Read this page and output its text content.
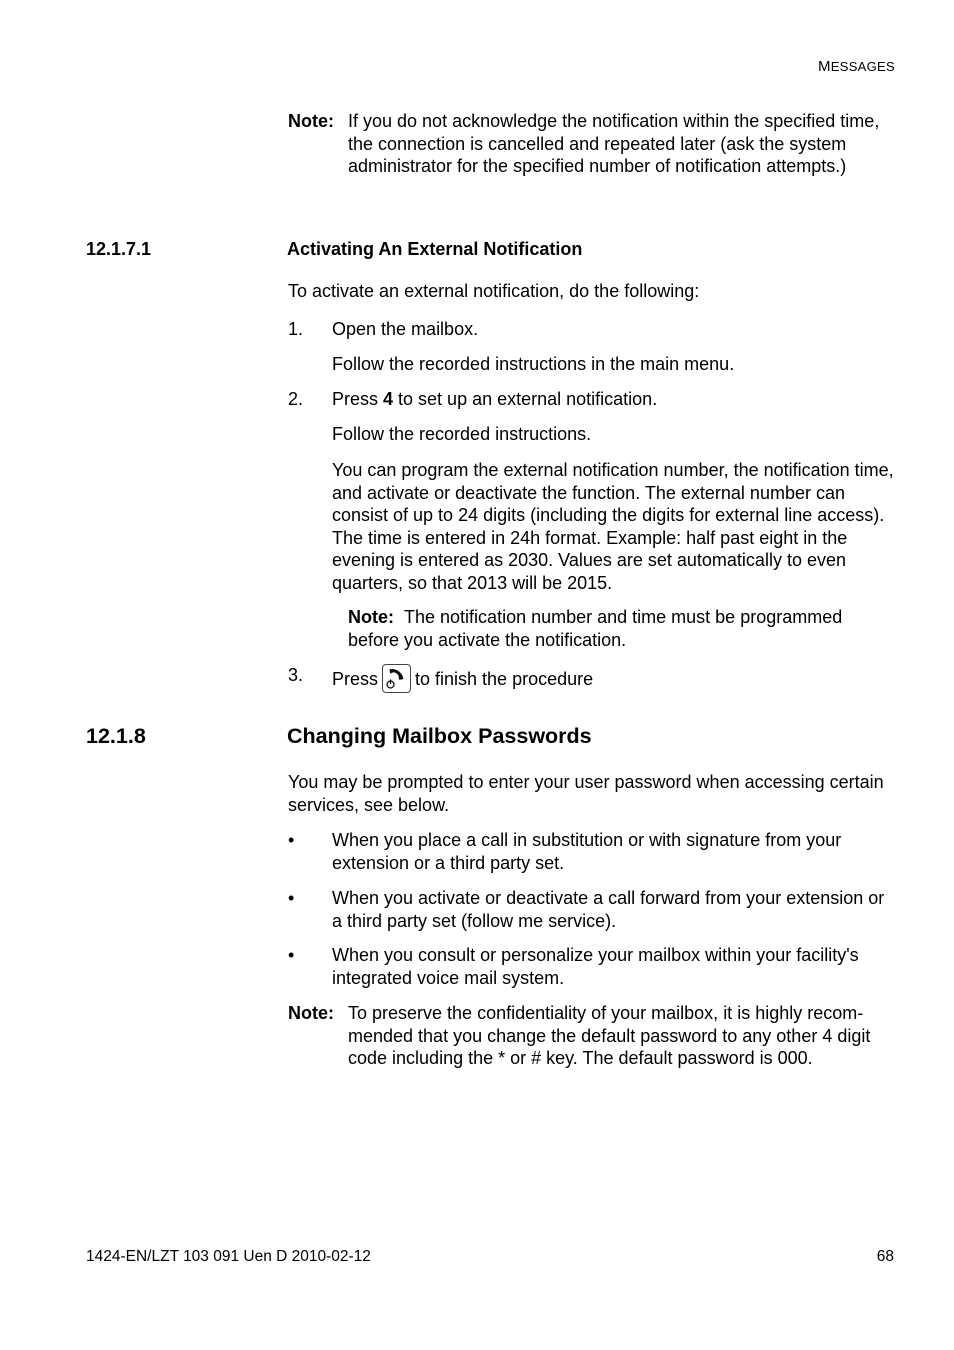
MESSAGES
Note: If you do not acknowledge the notification within the specified time, the connection is cancelled and repeated later (ask the system administrator for the specified number of notification attempts.)
12.1.7.1	Activating An External Notification
To activate an external notification, do the following:
1.	Open the mailbox.
Follow the recorded instructions in the main menu.
2.	Press 4 to set up an external notification.
Follow the recorded instructions.
You can program the external notification number, the notification time, and activate or deactivate the function. The external number can consist of up to 24 digits (including the digits for external line access). The time is entered in 24h format. Example: half past eight in the evening is entered as 2030. Values are set automatically to even quarters, so that 2013 will be 2015.
Note: The notification number and time must be programmed before you activate the notification.
3.	Press to finish the procedure
12.1.8	Changing Mailbox Passwords
You may be prompted to enter your user password when accessing certain services, see below.
•	When you place a call in substitution or with signature from your extension or a third party set.
•	When you activate or deactivate a call forward from your extension or a third party set (follow me service).
•	When you consult or personalize your mailbox within your facility's integrated voice mail system.
Note: To preserve the confidentiality of your mailbox, it is highly recom-mended that you change the default password to any other 4 digit code including the * or # key. The default password is 000.
1424-EN/LZT 103 091 Uen D 2010-02-12	68
